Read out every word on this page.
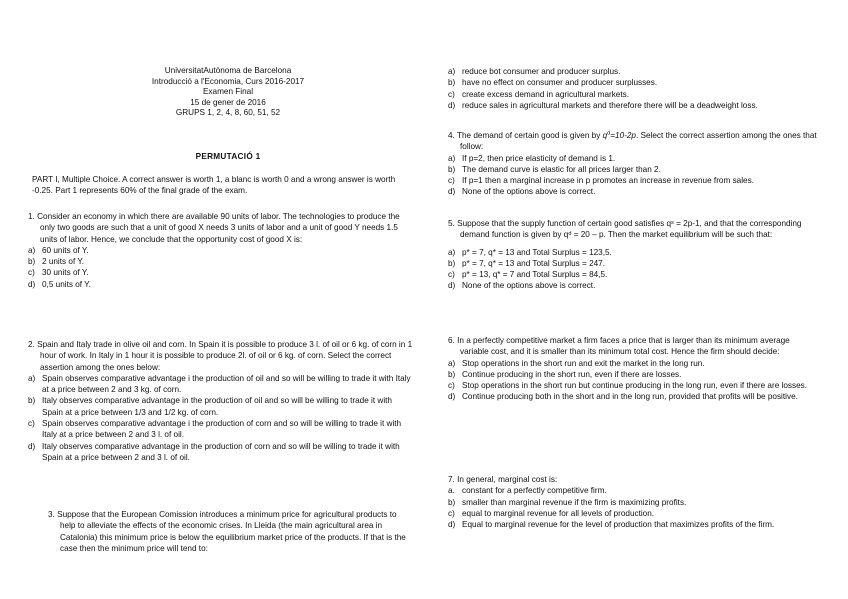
UniversitatAutònoma de Barcelona
Introducció a l'Economia, Curs 2016-2017
Examen Final
15 de gener de 2016
GRUPS 1, 2, 4, 8, 60, 51, 52
PERMUTACIÓ 1

PART I, Multiple Choice. A correct answer is worth 1, a blanc is worth 0 and a wrong answer is worth -0.25. Part 1 represents 60% of the final grade of the exam.

1. Consider an economy in which there are available 90 units of labor. The technologies to produce the only two goods are such that a unit of good X needs 3 units of labor and a unit of good Y needs 1.5 units of labor. Hence, we conclude that the opportunity cost of good X is:

a) 60 units of Y.
b) 2 units of Y.
c) 30 units of Y.
d) 0,5 units of Y.

2. Spain and Italy trade in olive oil and corn. In Spain it is possible to produce 3 l. of oil or 6 kg. of corn in 1 hour of work. In Italy in 1 hour it is possible to produce 2l. of oil or 6 kg. of corn. Select the correct assertion among the ones below:

a) Spain observes comparative advantage i the production of oil and so will be willing to trade it with Italy at a price between 2 and 3 kg. of corn.
b) Italy observes comparative advantage in the production of oil and so will be willing to trade it with Spain at a price between 1/3 and 1/2 kg. of corn.
c) Spain observes comparative advantage i the production of corn and so will be willing to trade it with Italy at a price between 2 and 3 l. of oil.
d) Italy observes comparative advantage in the production of corn and so will be willing to trade it with Spain at a price between 2 and 3 l. of oil.

3. Suppose that the European Comission introduces a minimum price for agricultural products to help to alleviate the effects of the economic crises. In Lleida (the main agricultural area in Catalonia) this minimum price is below the equilibrium market price of the products. If that is the case then the minimum price will tend to:

a) reduce bot consumer and producer surplus.
b) have no effect on consumer and producer surplusses.
c) create excess demand in agricultural markets.
d) reduce sales in agricultural markets and therefore there will be a deadweight loss.

4. The demand of certain good is given by $q^d=10-2p$. Select the correct assertion among the ones that follow:

a) If p=2, then price elasticity of demand is 1.
b) The demand curve is elastic for all prices larger than 2.
c) If p=1 then a marginal increase in p promotes an increase in revenue from sales.
d) None of the options above is correct.

5. Suppose that the supply function of certain good satisfies qˢ = 2p-1, and that the corresponding demand function is given by qᵈ = 20 – p. Then the market equilibrium will be such that:

a) p* = 7, q* = 13 and Total Surplus = 123,5.
b) p* = 7, q* = 13 and Total Surplus = 247.
c) p* = 13, q* = 7 and Total Surplus = 84,5.
d) None of the options above is correct.

6. In a perfectly competitive market a firm faces a price that is larger than its minimum average variable cost, and it is smaller than its minimum total cost. Hence the firm should decide:

a) Stop operations in the short run and exit the market in the long run.
b) Continue producing in the short run, even if there are losses.
c) Stop operations in the short run but continue producing in the long run, even if there are losses.
d) Continue producing both in the short and in the long run, provided that profits will be positive.

7. In general, marginal cost is:

a. constant for a perfectly competitive firm.
b) smaller than marginal revenue if the firm is maximizing profits.
c) equal to marginal revenue for all levels of production.
d) Equal to marginal revenue for the level of production that maximizes profits of the firm.
